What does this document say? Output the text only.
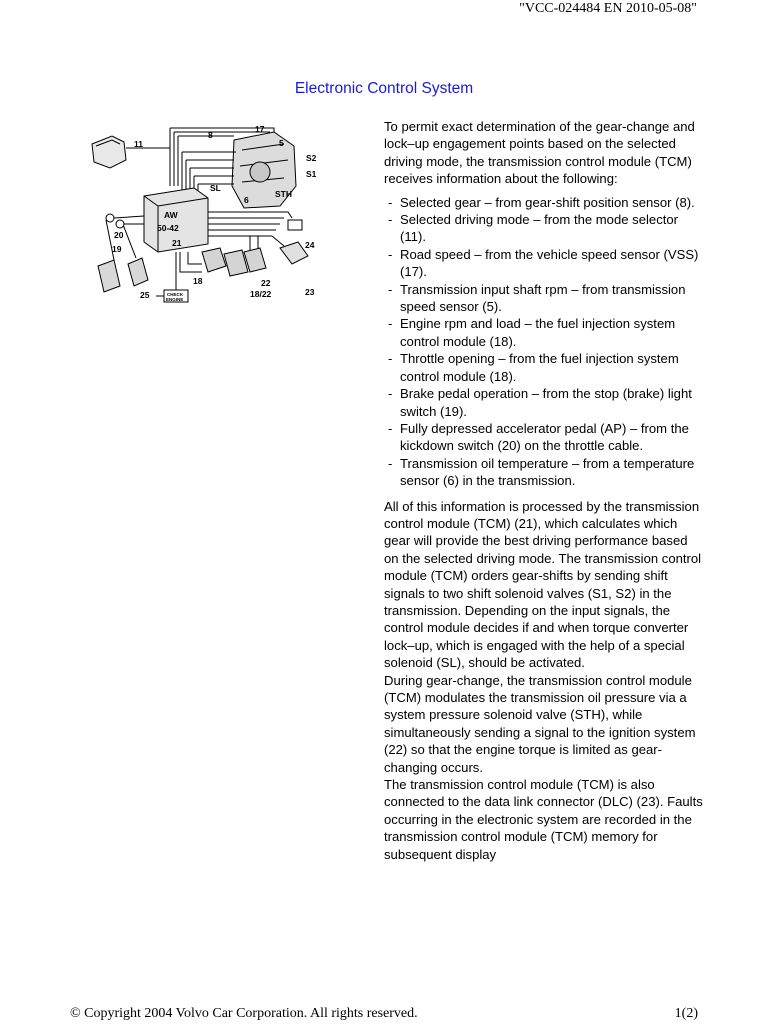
"VCC-024484 EN 2010-05-08"
Electronic Control System
11
8
17
5
S2
S1
SL
STH
6
AW
50-42
21
20
19	24
18	22
18/22	23
25	CHECK
ENGINE

To permit exact determination of the gear-change and lock–up engagement points based on the selected driving mode, the transmission control module (TCM) receives information about the following:

- Selected gear – from gear-shift position sensor (8).
- Selected driving mode – from the mode selector (11).
- Road speed – from the vehicle speed sensor (VSS) (17).
- Transmission input shaft rpm – from transmission speed sensor (5).
- Engine rpm and load – the fuel injection system control module (18).
- Throttle opening – from the fuel injection system control module (18).
- Brake pedal operation – from the stop (brake) light switch (19).
- Fully depressed accelerator pedal (AP) – from the kickdown switch (20) on the throttle cable.
- Transmission oil temperature – from a temperature sensor (6) in the transmission.

All of this information is processed by the transmission control module (TCM) (21), which calculates which gear will provide the best driving performance based on the selected driving mode. The transmission control module (TCM) orders gear-shifts by sending shift signals to two shift solenoid valves (S1, S2) in the transmission. Depending on the input signals, the control module decides if and when torque converter lock–up, which is engaged with the help of a special solenoid (SL), should be activated.

During gear-change, the transmission control module (TCM) modulates the transmission oil pressure via a system pressure solenoid valve (STH), while simultaneously sending a signal to the ignition system (22) so that the engine torque is limited as gear-changing occurs.

The transmission control module (TCM) is also connected to the data link connector (DLC) (23). Faults occurring in the electronic system are recorded in the transmission control module (TCM) memory for subsequent display

© Copyright 2004 Volvo Car Corporation. All rights reserved.	1(2)
